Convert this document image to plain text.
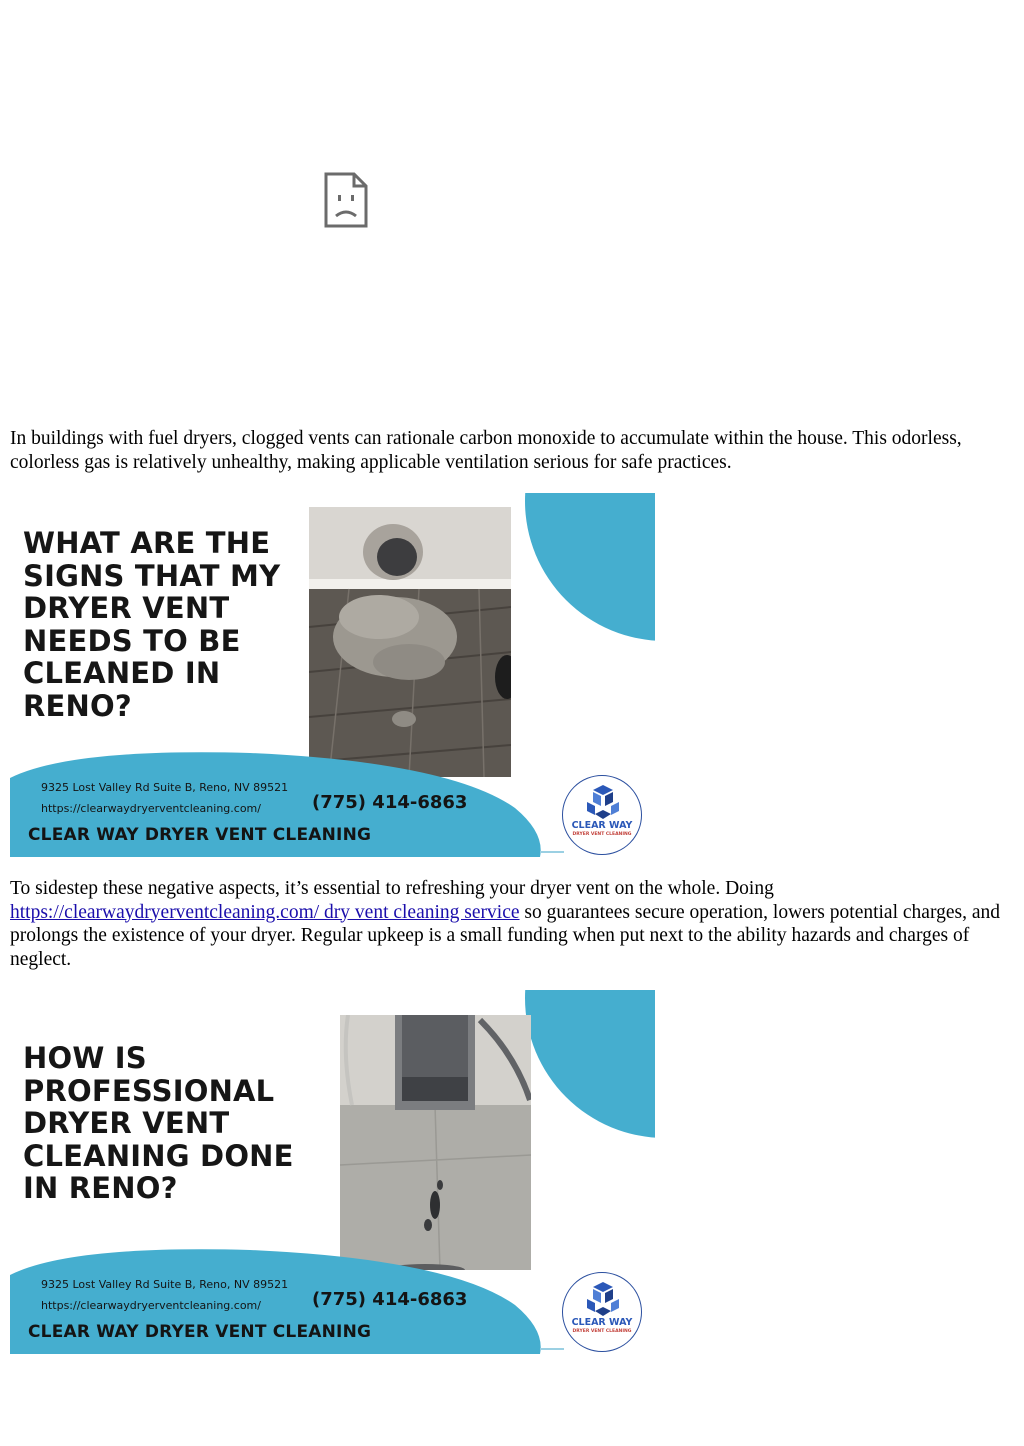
In buildings with fuel dryers, clogged vents can rationale carbon monoxide to accumulate within the house. This odorless, colorless gas is relatively unhealthy, making applicable ventilation serious for safe practices.

WHAT ARE THE SIGNS THAT MY DRYER VENT NEEDS TO BE CLEANED IN RENO?
9325 Lost Valley Rd Suite B, Reno, NV 89521
https://clearwaydryerventcleaning.com/	(775) 414-6863
CLEAR WAY DRYER VENT CLEANING	CLEAR WAY
DRYER VENT CLEANING

To sidestep these negative aspects, it’s essential to refreshing your dryer vent on the whole. Doing https://clearwaydryerventcleaning.com/ dry vent cleaning service so guarantees secure operation, lowers potential charges, and prolongs the existence of your dryer. Regular upkeep is a small funding when put next to the ability hazards and charges of neglect.

HOW IS PROFESSIONAL DRYER VENT CLEANING DONE IN RENO?
9325 Lost Valley Rd Suite B, Reno, NV 89521
https://clearwaydryerventcleaning.com/	(775) 414-6863
CLEAR WAY DRYER VENT CLEANING	CLEAR WAY
DRYER VENT CLEANING
